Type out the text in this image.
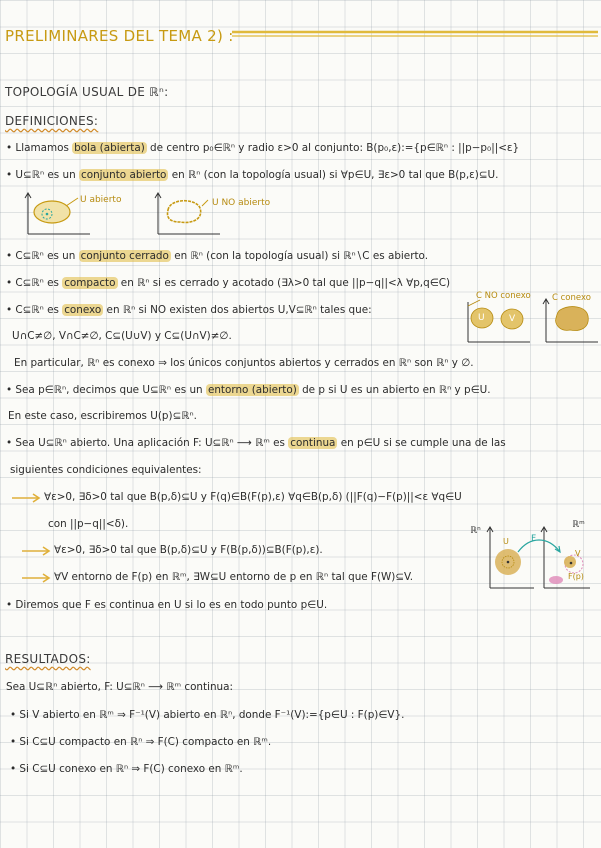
PRELIMINARES DEL TEMA 2) :
TOPOLOGÍA USUAL DE ℝⁿ:
DEFINICIONES:
• Llamamos bola (abierta) de centro p₀∈ℝⁿ y radio ε>0 al conjunto: B(p₀,ε):={p∈ℝⁿ : ||p−p₀||<ε}
• U⊆ℝⁿ es un conjunto abierto en ℝⁿ (con la topología usual) si ∀p∈U, ∃ε>0 tal que B(p,ε)⊆U.
U abierto	U NO abierto
• C⊆ℝⁿ es un conjunto cerrado en ℝⁿ (con la topología usual) si ℝⁿ∖C es abierto.
• C⊆ℝⁿ es compacto en ℝⁿ si es cerrado y acotado (∃λ>0 tal que ||p−q||<λ ∀p,q∈C)
• C⊆ℝⁿ es conexo en ℝⁿ si NO existen dos abiertos U,V⊆ℝⁿ tales que:
U∩C≠∅, V∩C≠∅, C⊆(U∪V) y C⊆(U∩V)≠∅.
En particular, ℝⁿ es conexo ⇒ los únicos conjuntos abiertos y cerrados en ℝⁿ son ℝⁿ y ∅.
C NO conexo	C conexo
U	V
• Sea p∈ℝⁿ, decimos que U⊆ℝⁿ es un entorno (abierto) de p si U es un abierto en ℝⁿ y p∈U.
En este caso, escribiremos U(p)⊆ℝⁿ.
• Sea U⊆ℝⁿ abierto. Una aplicación F: U⊆ℝⁿ ⟶ ℝᵐ es continua en p∈U si se cumple una de las
siguientes condiciones equivalentes:
∀ε>0, ∃δ>0 tal que B(p,δ)⊆U y F(q)∈B(F(p),ε) ∀q∈B(p,δ) (||F(q)−F(p)||<ε ∀q∈U
con ||p−q||<δ).
∀ε>0, ∃δ>0 tal que B(p,δ)⊆U y F(B(p,δ))⊆B(F(p),ε).
∀V entorno de F(p) en ℝᵐ, ∃W⊆U entorno de p en ℝⁿ tal que F(W)⊆V.
ℝⁿ
ℝᵐ
U F
V
F(p)
• Diremos que F es continua en U si lo es en todo punto p∈U.
RESULTADOS:
Sea U⊆ℝⁿ abierto, F: U⊆ℝⁿ ⟶ ℝᵐ continua:
• Si V abierto en ℝᵐ ⇒ F⁻¹(V) abierto en ℝⁿ, donde F⁻¹(V):={p∈U : F(p)∈V}.
• Si C⊆U compacto en ℝⁿ ⇒ F(C) compacto en ℝᵐ.
• Si C⊆U conexo en ℝⁿ ⇒ F(C) conexo en ℝᵐ.
